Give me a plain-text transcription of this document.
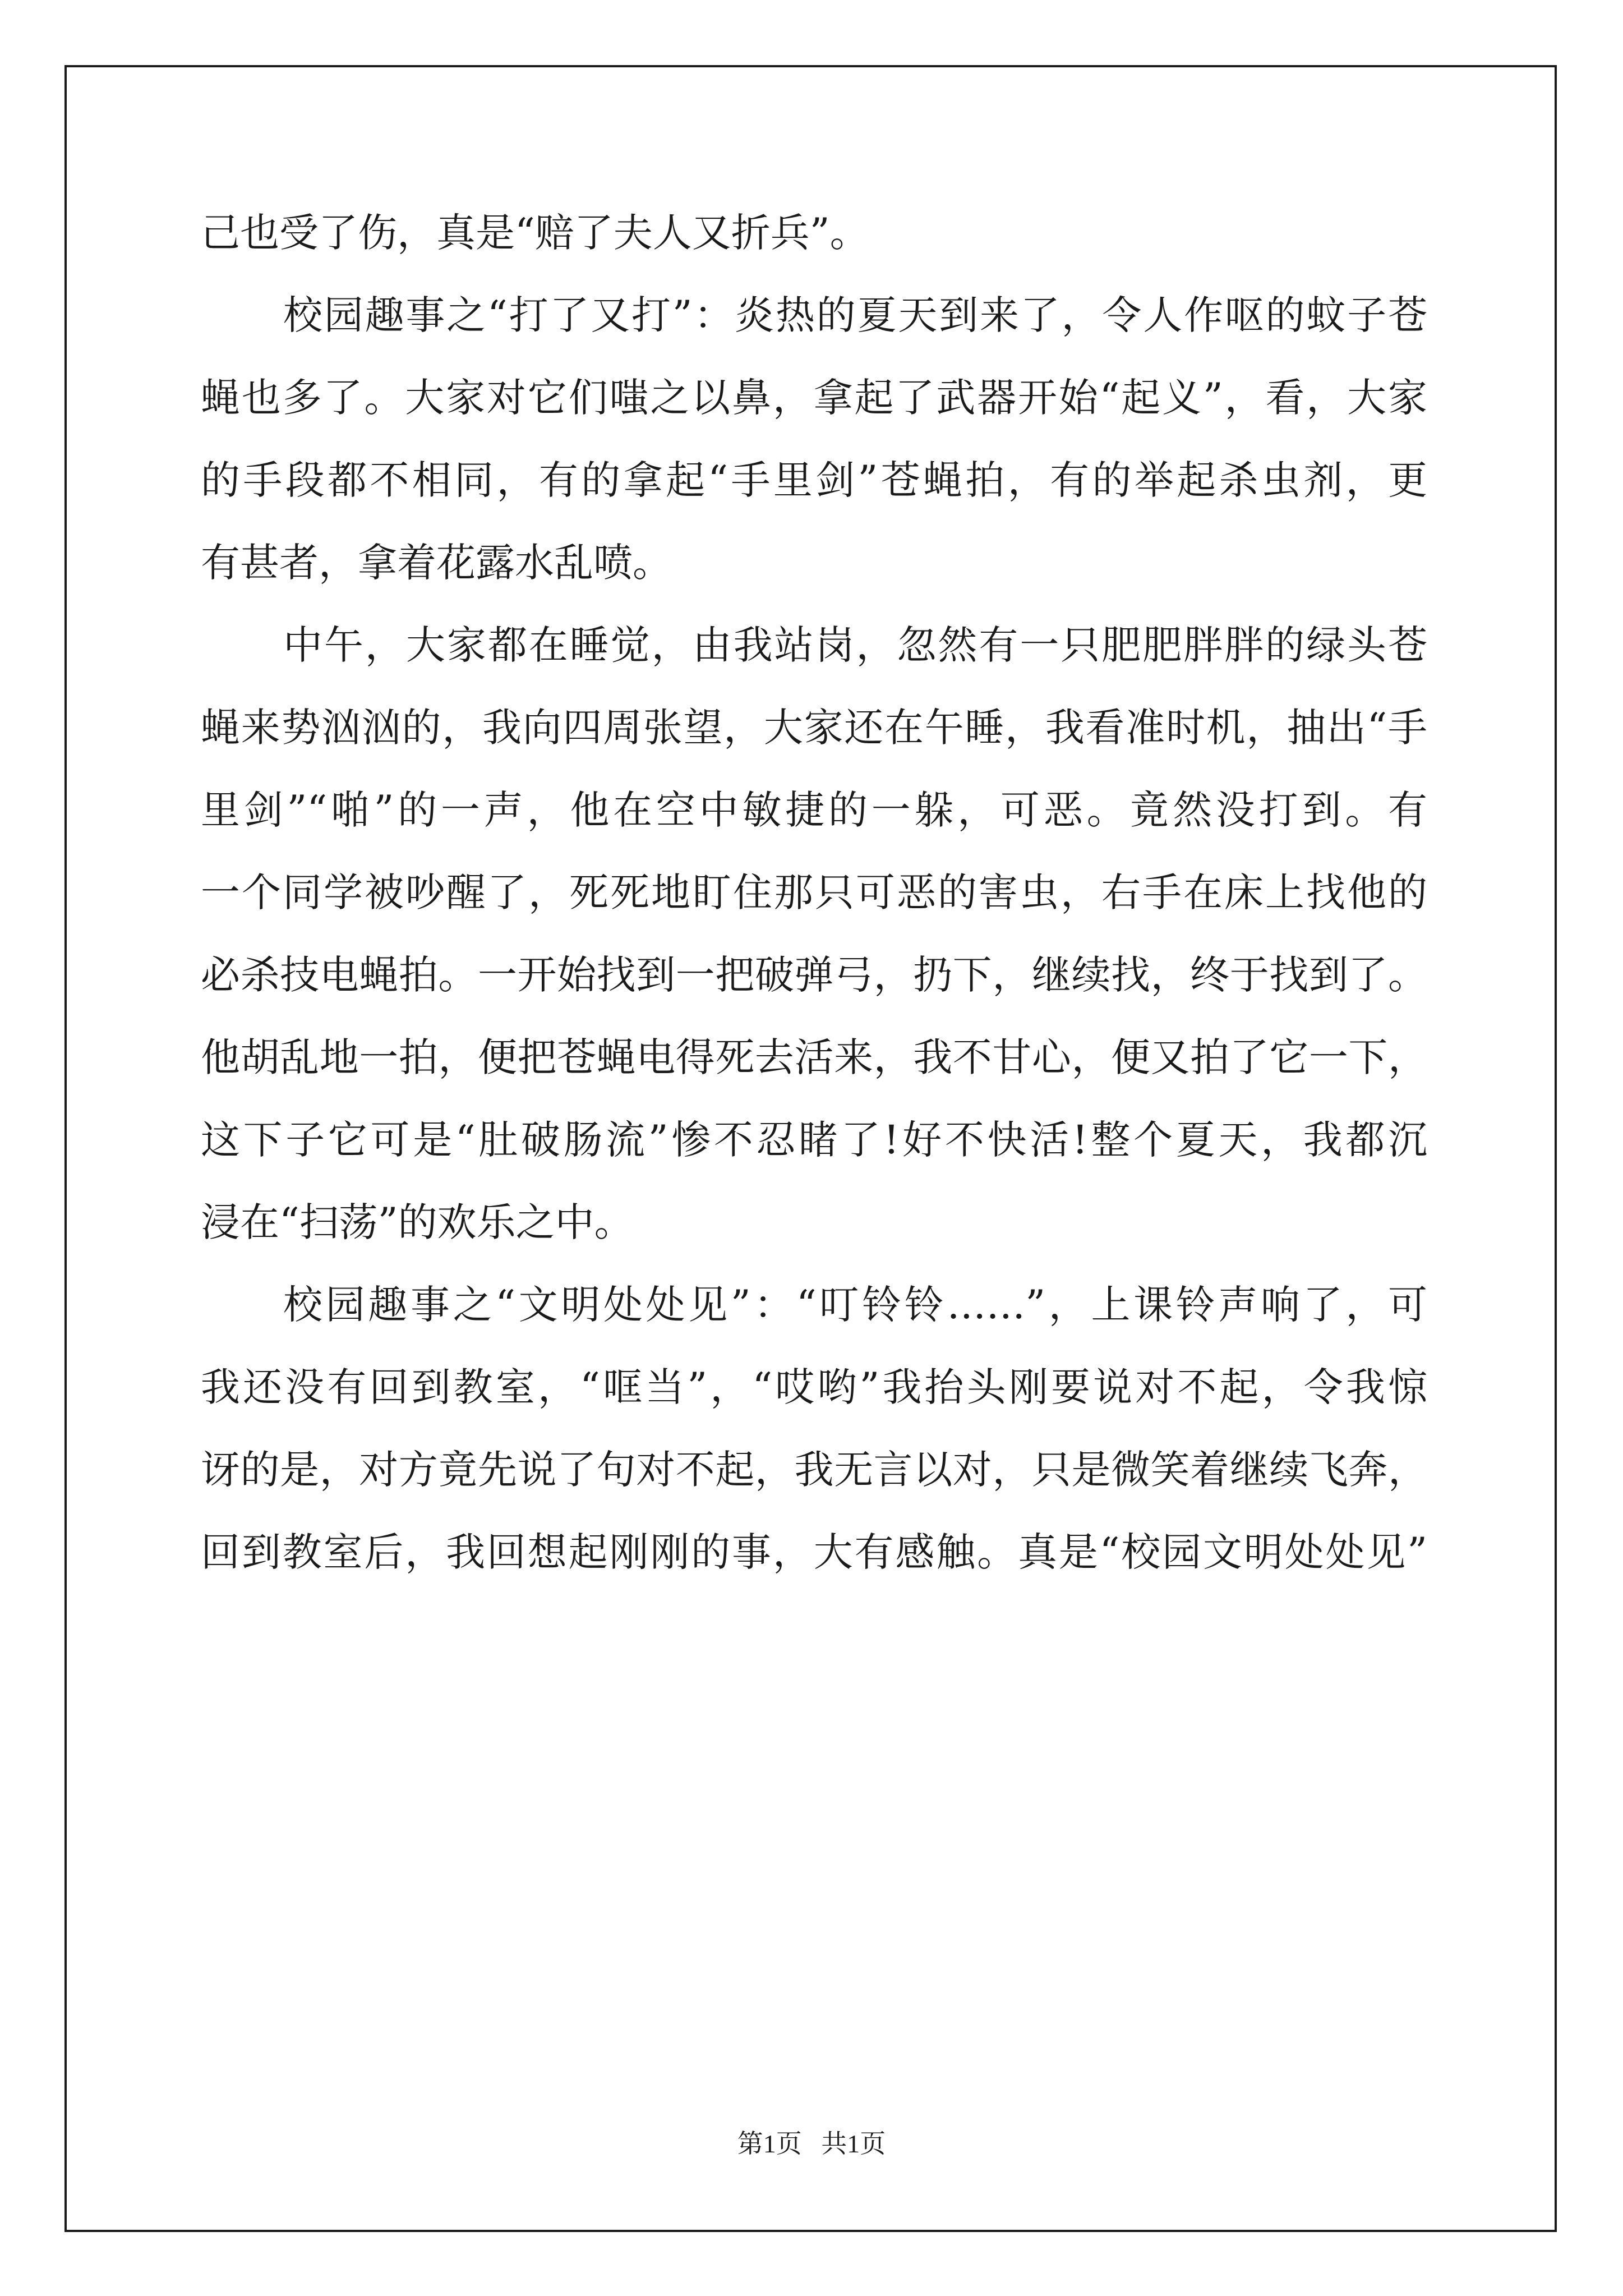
己也受了伤，真是“赔了夫人又折兵”。

校园趣事之“打了又打”：炎热的夏天到来了，令人作呕的蚊子苍

蝇也多了。大家对它们嗤之以鼻，拿起了武器开始“起义”，看，大家

的手段都不相同，有的拿起“手里剑”苍蝇拍，有的举起杀虫剂，更

有甚者，拿着花露水乱喷。

中午，大家都在睡觉，由我站岗，忽然有一只肥肥胖胖的绿头苍

蝇来势汹汹的，我向四周张望，大家还在午睡，我看准时机，抽出“手

里剑”“啪”的一声，他在空中敏捷的一躲，可恶。竟然没打到。有

一个同学被吵醒了，死死地盯住那只可恶的害虫，右手在床上找他的

必杀技电蝇拍。一开始找到一把破弹弓，扔下，继续找，终于找到了。

他胡乱地一拍，便把苍蝇电得死去活来，我不甘心，便又拍了它一下，

这下子它可是“肚破肠流”惨不忍睹了!好不快活!整个夏天，我都沉

浸在“扫荡”的欢乐之中。

校园趣事之“文明处处见”：“叮铃铃……”，上课铃声响了，可

我还没有回到教室，“哐当”，“哎哟”我抬头刚要说对不起，令我惊

讶的是，对方竟先说了句对不起，我无言以对，只是微笑着继续飞奔，

回到教室后，我回想起刚刚的事，大有感触。真是“校园文明处处见”

第1页   共1页
